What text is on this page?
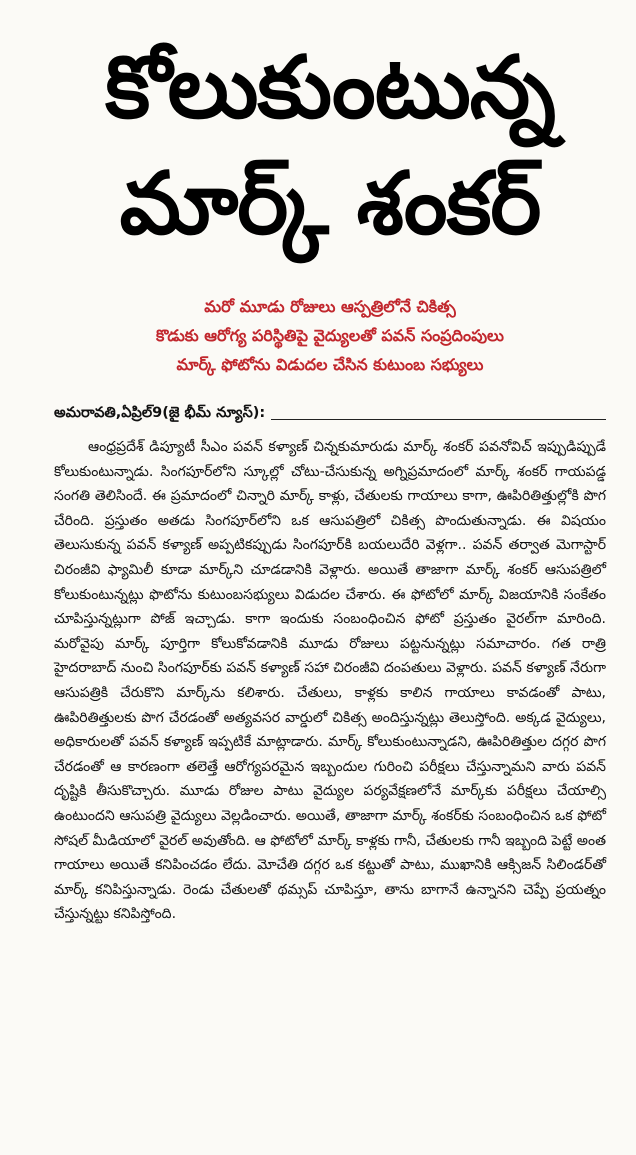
కోలుకుంటున్న
మార్క్ శంకర్
మరో మూడు రోజులు ఆస్పత్రిలోనే చికిత్స
కొడుకు ఆరోగ్య పరిస్థితిపై వైద్యులతో పవన్ సంప్రదింపులు
మార్క్ ఫోటోను విడుదల చేసిన కుటుంబ సభ్యులు
అమరావతి,ఏప్రిల్9(జై భీమ్ న్యూస్):

ఆంధ్రప్రదేశ్ డిప్యూటీ సీఎం పవన్ కళ్యాణ్ చిన్నకుమారుడు మార్క్ శంకర్ పవనోవిచ్ ఇప్పుడిప్పుడే కోలుకుంటున్నాడు. సింగపూర్‌లోని స్కూల్లో చోటు-చేసుకున్న అగ్నిప్రమాదంలో మార్క్ శంకర్ గాయపడ్డ సంగతి తెలిసిందే. ఈ ప్రమాదంలో చిన్నారి మార్క్ కాళ్లు, చేతులకు గాయాలు కాగా, ఊపిరితిత్తుల్లోకి పొగ చేరింది. ప్రస్తుతం అతడు సింగపూర్‌లోని ఒక ఆసుపత్రిలో చికిత్స పొందుతున్నాడు. ఈ విషయం తెలుసుకున్న పవన్ కళ్యాణ్ అప్పటికప్పుడు సింగపూర్‌కి బయలుదేరి వెళ్లగా.. పవన్ తర్వాత మెగాస్టార్ చిరంజీవి ఫ్యామిలీ కూడా మార్క్‌ని చూడడానికి వెళ్లారు. అయితే తాజాగా మార్క్ శంకర్ ఆసుపత్రిలో కోలుకుంటున్నట్లు ఫొటోను కుటుంబసభ్యులు విడుదల చేశారు. ఈ ఫోటోలో మార్క్ విజయానికి సంకేతం చూపిస్తున్నట్లుగా పోజ్ ఇచ్చాడు. కాగా ఇందుకు సంబంధించిన ఫోటో ప్రస్తుతం వైరల్‌గా మారింది. మరోవైపు మార్క్ పూర్తిగా కోలుకోవడానికి మూడు రోజులు పట్టనున్నట్లు సమాచారం. గత రాత్రి హైదరాబాద్ నుంచి సింగపూర్‌కు పవన్ కళ్యాణ్ సహా చిరంజీవి దంపతులు వెళ్లారు. పవన్ కళ్యాణ్ నేరుగా ఆసుపత్రికి చేరుకొని మార్క్‌ను కలిశారు. చేతులు, కాళ్లకు కాలిన గాయాలు కావడంతో పాటు, ఊపిరితిత్తులకు పొగ చేరడంతో అత్యవసర వార్డులో చికిత్స అందిస్తున్నట్లు తెలుస్తోంది. అక్కడ వైద్యులు, అధికారులతో పవన్ కళ్యాణ్ ఇప్పటికే మాట్లాడారు. మార్క్ కోలుకుంటున్నాడని, ఊపిరితిత్తుల దగ్గర పొగ చేరడంతో ఆ కారణంగా తలెత్తే ఆరోగ్యపరమైన ఇబ్బందుల గురించి పరీక్షలు చేస్తున్నామని వారు పవన్ దృష్టికి తీసుకొచ్చారు. మూడు రోజుల పాటు వైద్యుల పర్యవేక్షణలోనే మార్క్‌కు పరీక్షలు చేయాల్సి ఉంటుందని ఆసుపత్రి వైద్యులు వెల్లడించారు. అయితే, తాజాగా మార్క్ శంకర్‌కు సంబంధించిన ఒక ఫోటో సోషల్ మీడియాలో వైరల్ అవుతోంది. ఆ ఫోటోలో మార్క్ కాళ్లకు గానీ, చేతులకు గానీ ఇబ్బంది పెట్టే అంత గాయాలు అయితే కనిపించడం లేదు. మోచేతి దగ్గర ఒక కట్టుతో పాటు, ముఖానికి ఆక్సిజన్ సిలిండర్‌తో మార్క్ కనిపిస్తున్నాడు. రెండు చేతులతో థమ్సప్ చూపిస్తూ, తాను బాగానే ఉన్నానని చెప్పే ప్రయత్నం చేస్తున్నట్టు కనిపిస్తోంది.
